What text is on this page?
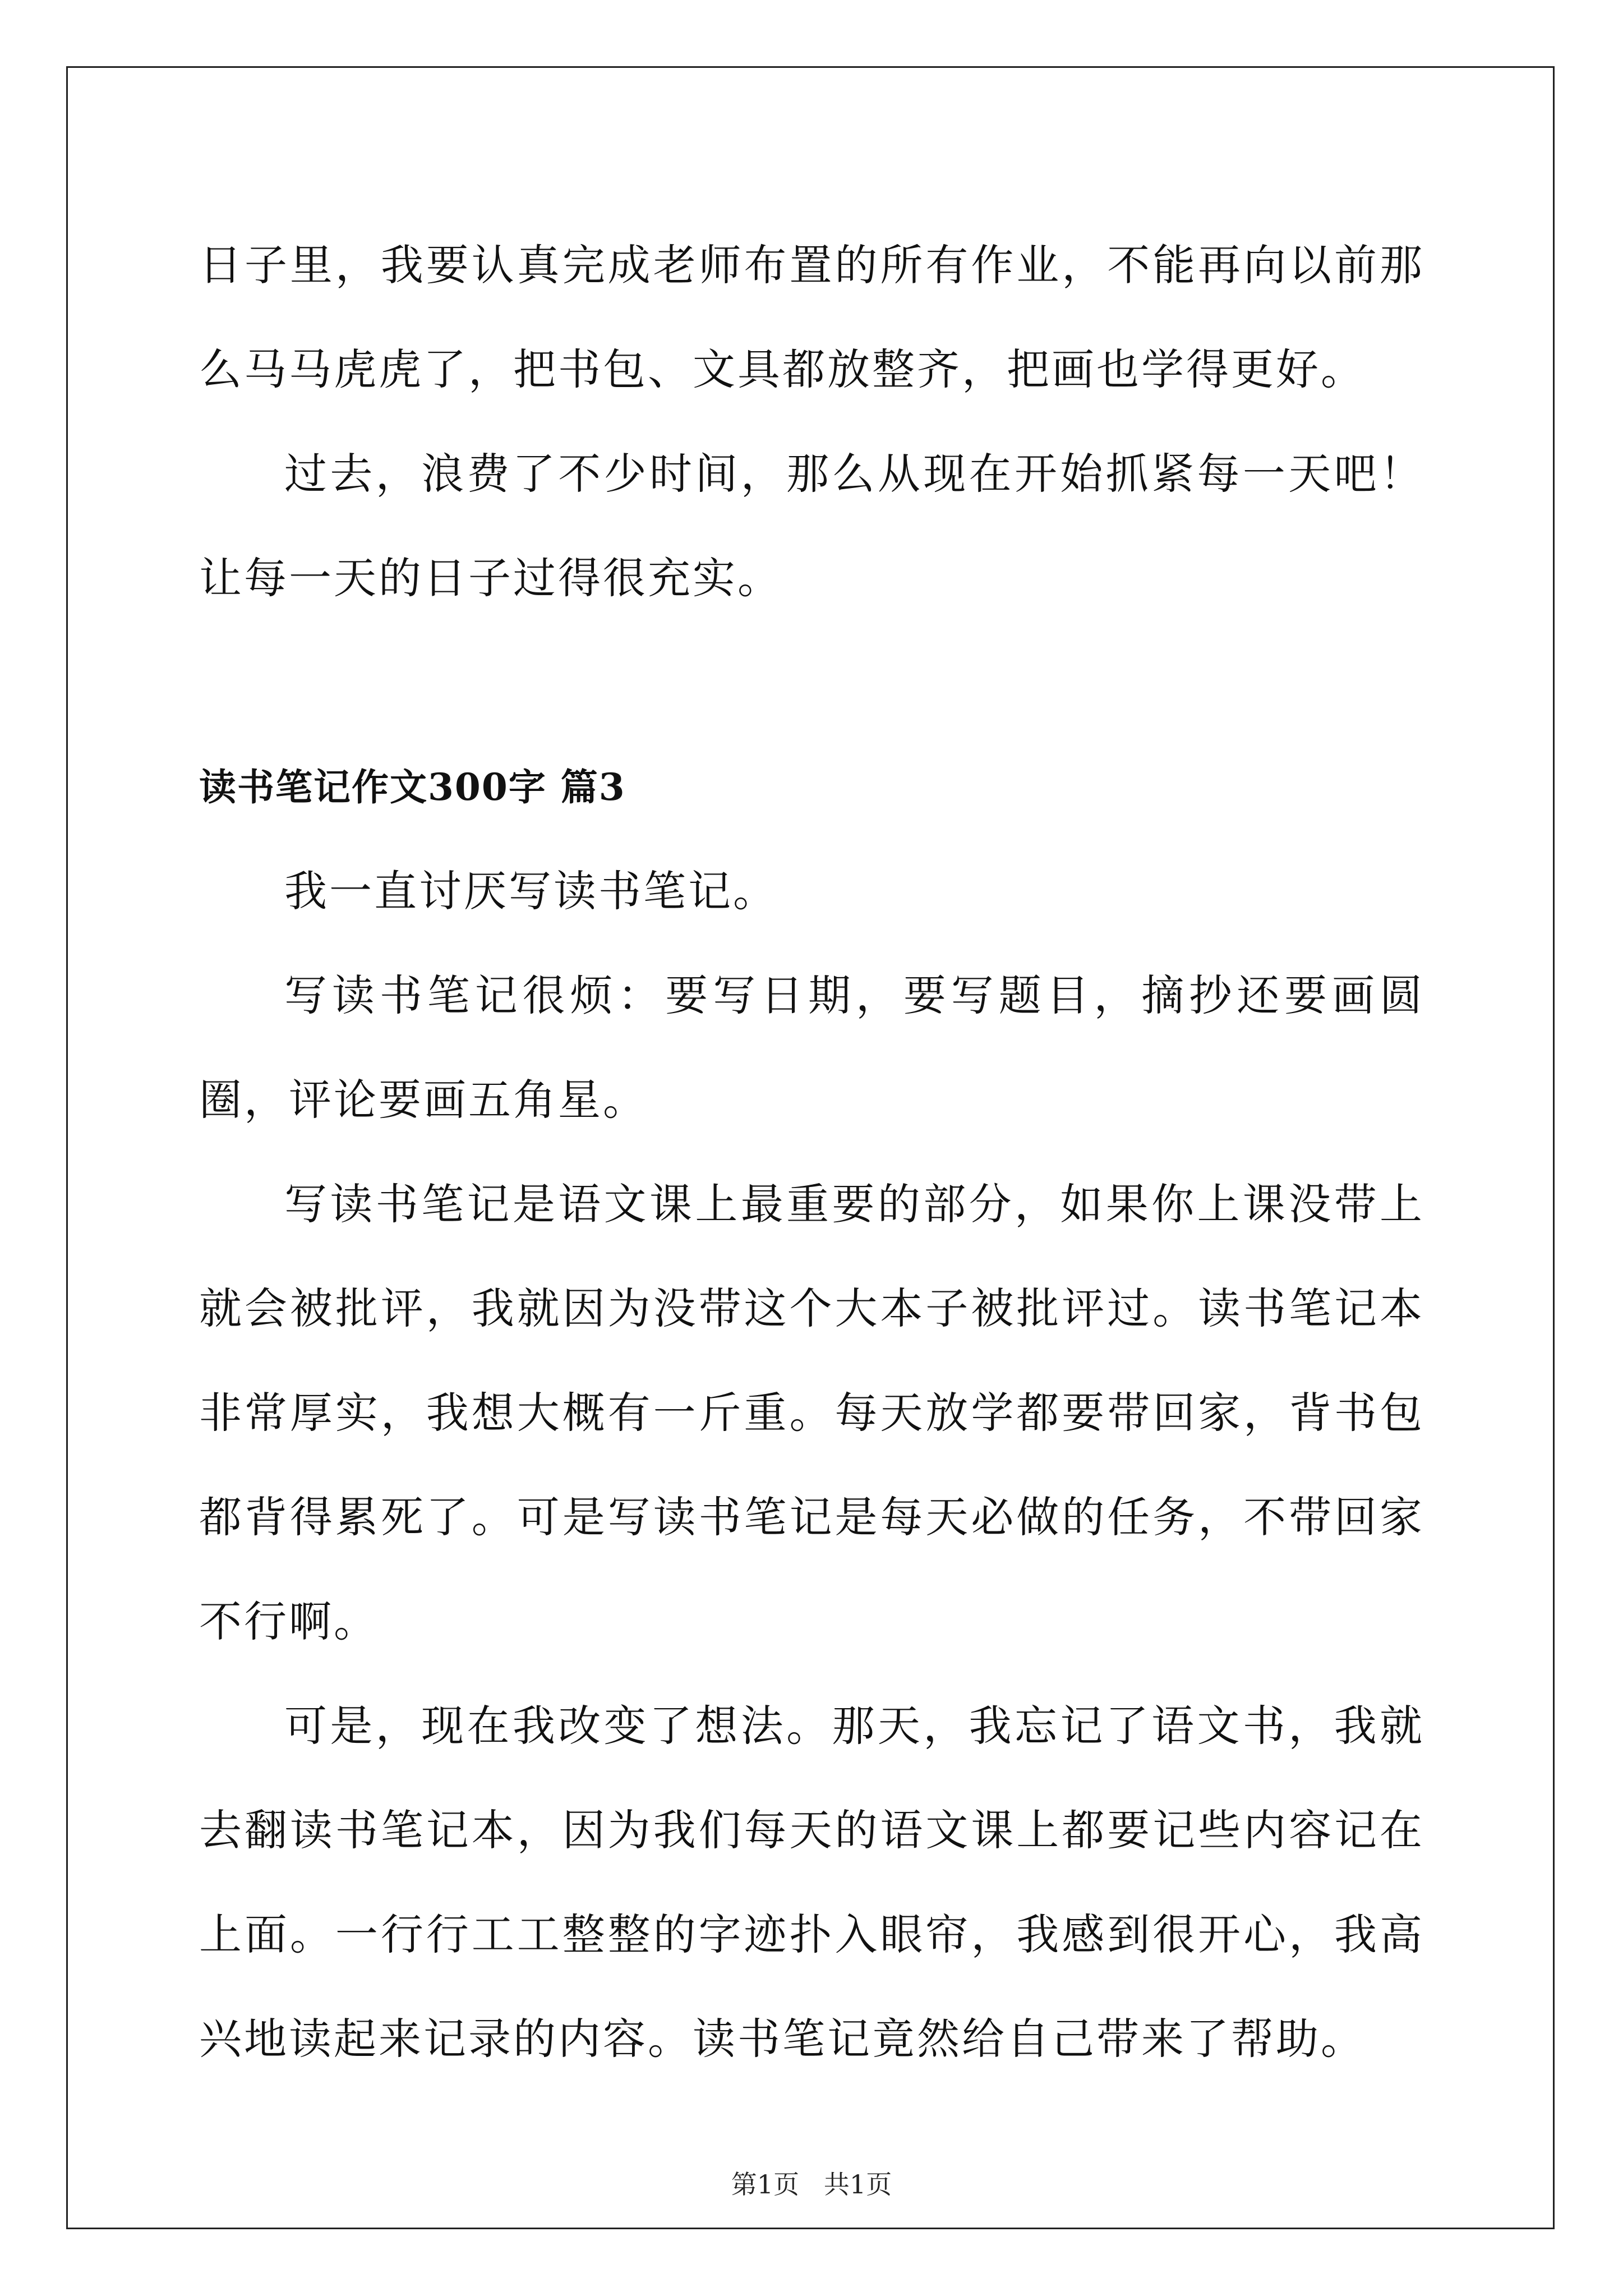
日子里，我要认真完成老师布置的所有作业，不能再向以前那么马马虎虎了，把书包、文具都放整齐，把画也学得更好。

过去，浪费了不少时间，那么从现在开始抓紧每一天吧！让每一天的日子过得很充实。

读书笔记作文300字 篇3

我一直讨厌写读书笔记。

写读书笔记很烦：要写日期，要写题目，摘抄还要画圆圈，评论要画五角星。

写读书笔记是语文课上最重要的部分，如果你上课没带上就会被批评，我就因为没带这个大本子被批评过。读书笔记本非常厚实，我想大概有一斤重。每天放学都要带回家，背书包都背得累死了。可是写读书笔记是每天必做的任务，不带回家不行啊。

可是，现在我改变了想法。那天，我忘记了语文书，我就去翻读书笔记本，因为我们每天的语文课上都要记些内容记在上面。一行行工工整整的字迹扑入眼帘，我感到很开心，我高兴地读起来记录的内容。读书笔记竟然给自己带来了帮助。

第1页   共1页
